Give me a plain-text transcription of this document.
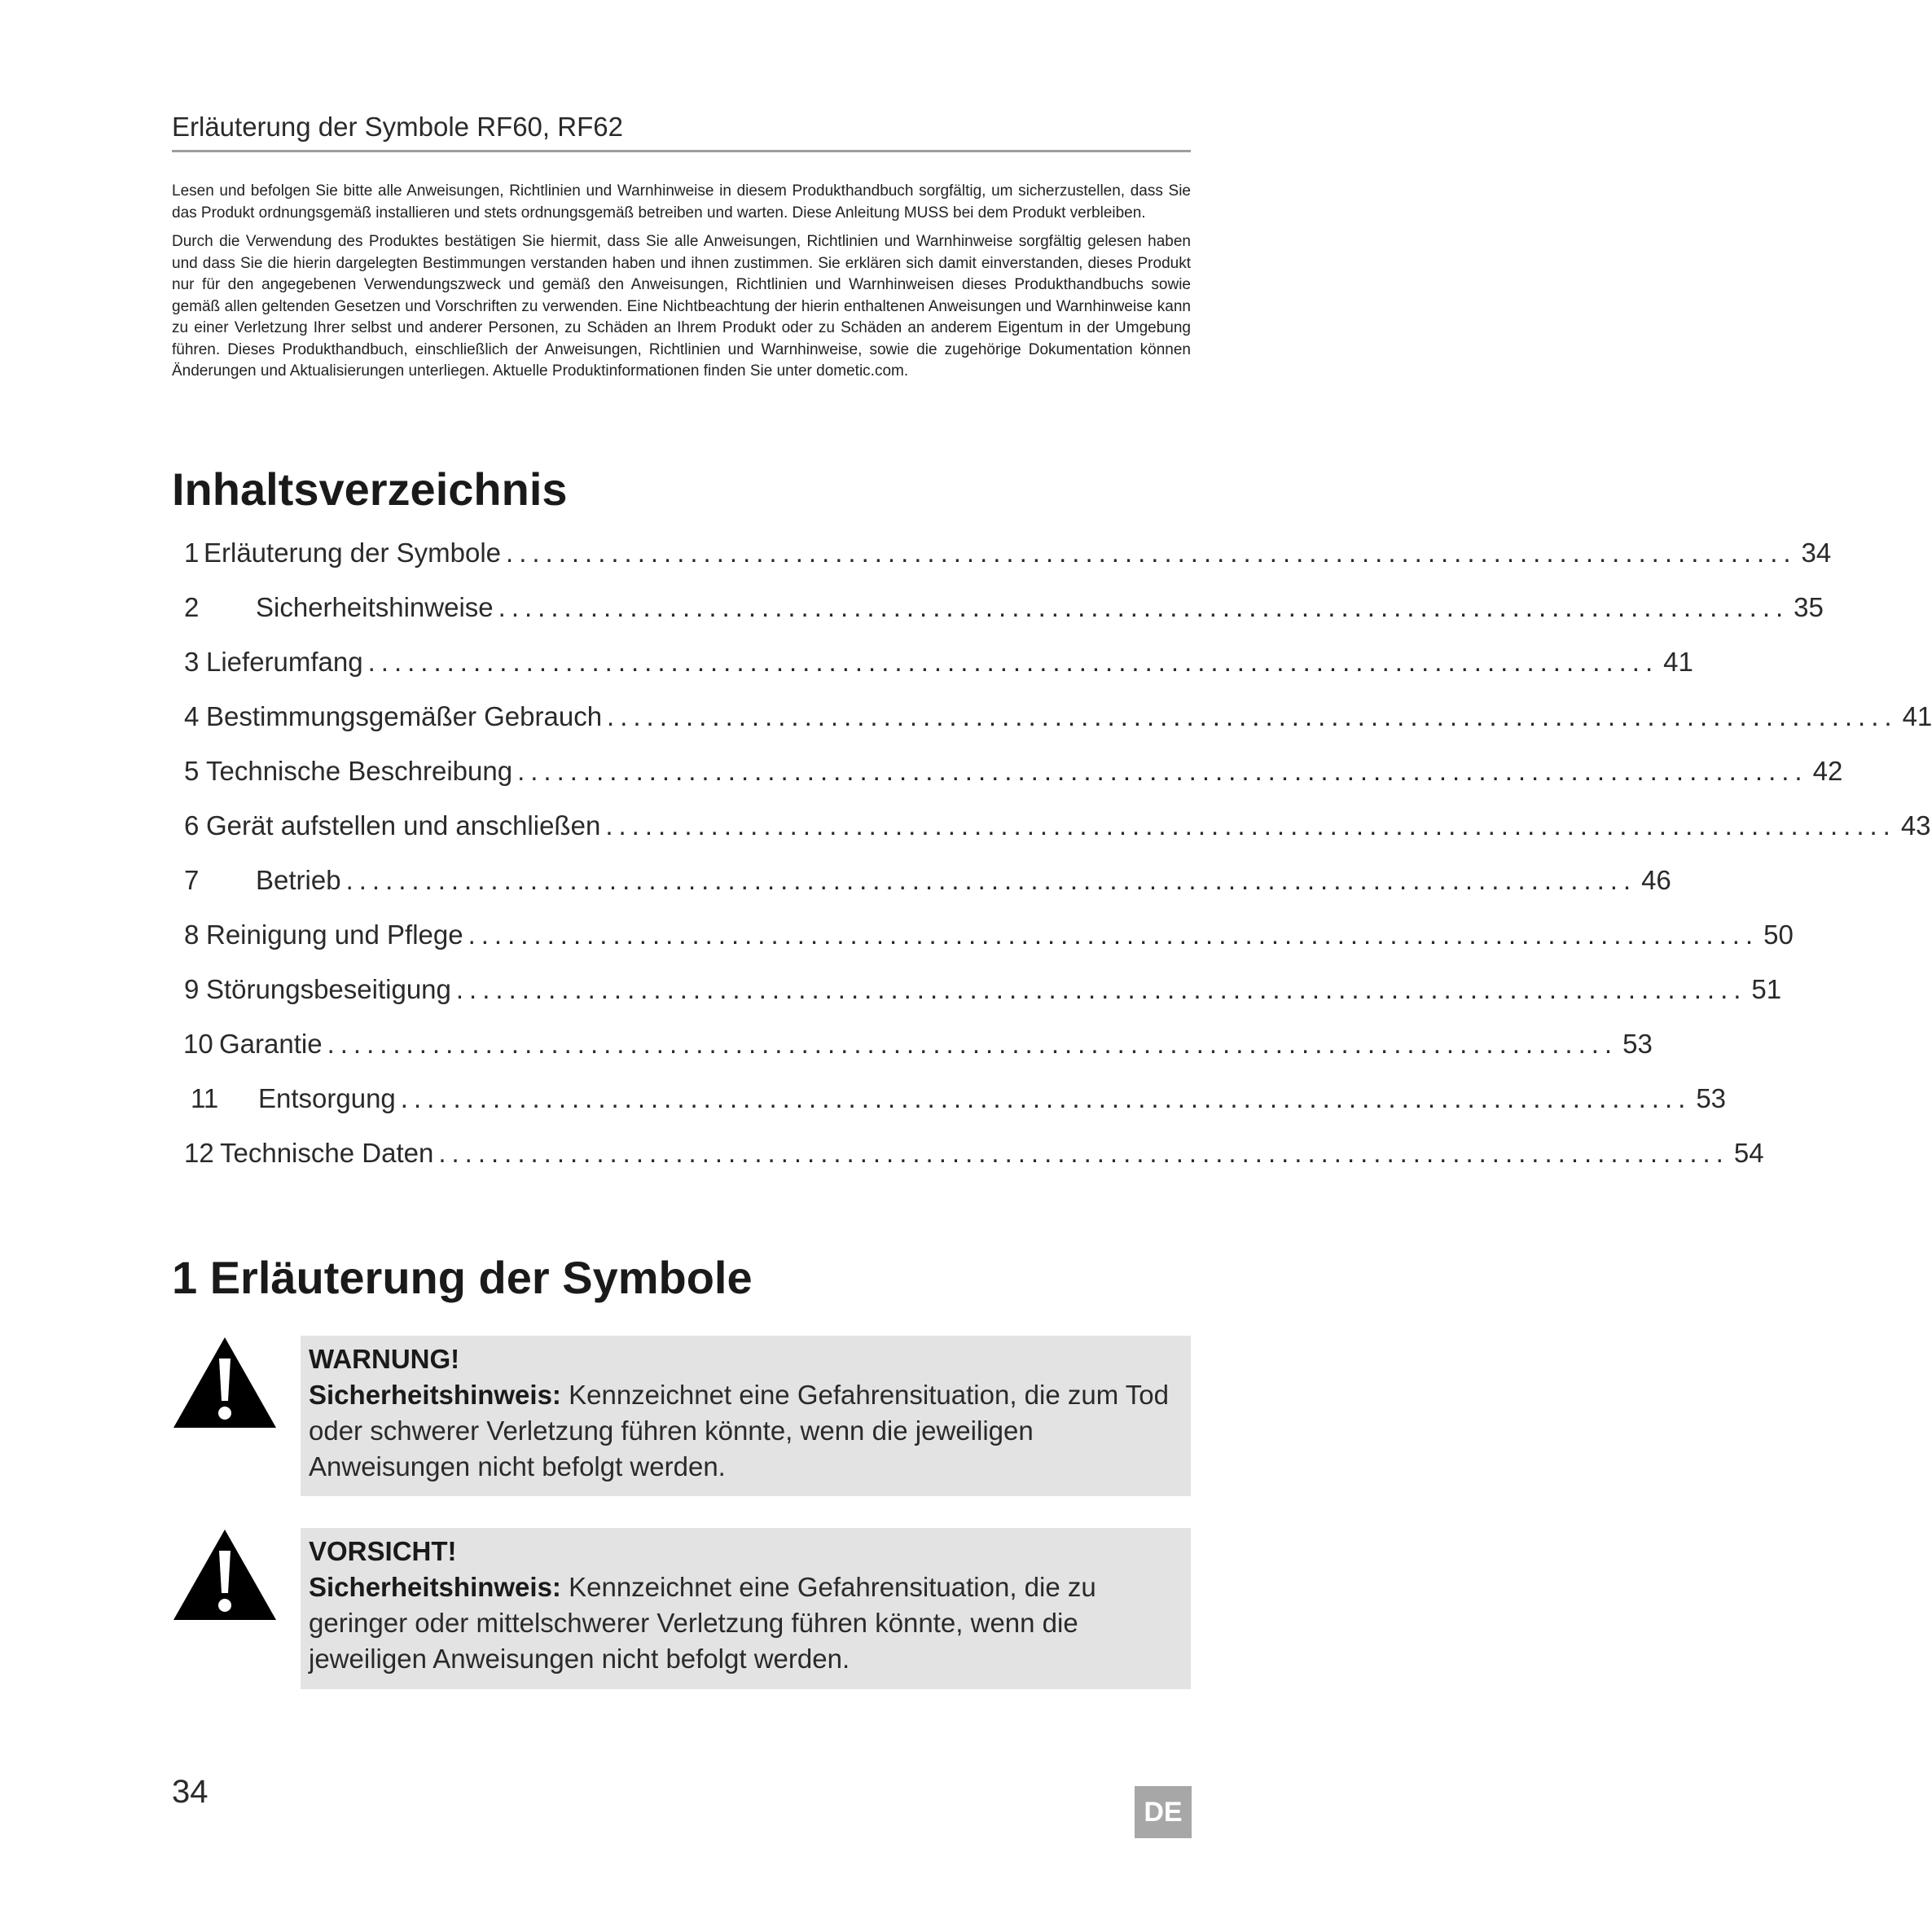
Erläuterung der Symbole RF60, RF62

Lesen und befolgen Sie bitte alle Anweisungen, Richtlinien und Warnhinweise in diesem Produkthandbuch sorgfältig, um sicherzustellen, dass Sie das Produkt ordnungsgemäß installieren und stets ordnungsgemäß betreiben und warten. Diese Anleitung MUSS bei dem Produkt verbleiben.

Durch die Verwendung des Produktes bestätigen Sie hiermit, dass Sie alle Anweisungen, Richtlinien und Warnhinweise sorgfältig gelesen haben und dass Sie die hierin dargelegten Bestimmungen verstanden haben und ihnen zustimmen. Sie erklären sich damit einverstanden, dieses Produkt nur für den angegebenen Verwendungszweck und gemäß den Anweisungen, Richtlinien und Warnhinweisen dieses Produkthandbuchs sowie gemäß allen geltenden Gesetzen und Vorschriften zu verwenden. Eine Nichtbeachtung der hierin enthaltenen Anweisungen und Warnhinweise kann zu einer Verletzung Ihrer selbst und anderer Personen, zu Schäden an Ihrem Produkt oder zu Schäden an anderem Eigentum in der Umgebung führen. Dieses Produkthandbuch, einschließlich der Anweisungen, Richtlinien und Warnhinweise, sowie die zugehörige Dokumentation können Änderungen und Aktualisierungen unterliegen. Aktuelle Produktinformationen finden Sie unter dometic.com.

Inhaltsverzeichnis
1 Erläuterung der Symbole .................................................................................................. 34
2	Sicherheitshinweise .................................................................................................. 35
3 Lieferumfang .................................................................................................. 41
4 Bestimmungsgemäßer Gebrauch .................................................................................................. 41
5 Technische Beschreibung .................................................................................................. 42
6 Gerät aufstellen und anschließen .................................................................................................. 43
7	Betrieb .................................................................................................. 46
8 Reinigung und Pflege .................................................................................................. 50
9 Störungsbeseitigung .................................................................................................. 51
10 Garantie .................................................................................................. 53
11	Entsorgung .................................................................................................. 53
12 Technische Daten .................................................................................................. 54
1 Erläuterung der Symbole
WARNUNG!
Sicherheitshinweis: Kennzeichnet eine Gefahrensituation, die zum Tod oder schwerer Verletzung führen könnte, wenn die jeweiligen Anweisungen nicht befolgt werden.
VORSICHT!
Sicherheitshinweis: Kennzeichnet eine Gefahrensituation, die zu geringer oder mittelschwerer Verletzung führen könnte, wenn die jeweiligen Anweisungen nicht befolgt werden.
34
DE
